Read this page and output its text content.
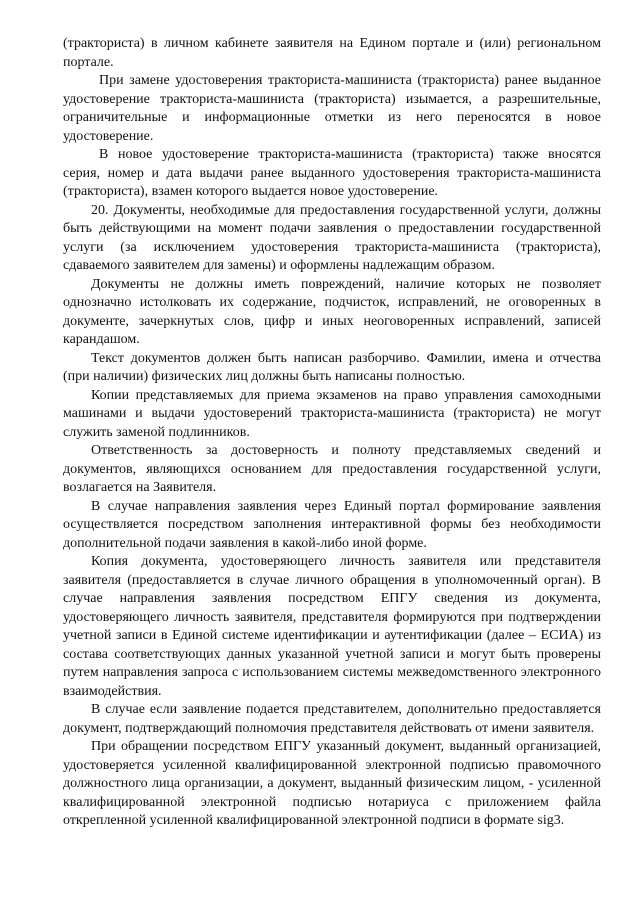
(тракториста) в личном кабинете заявителя на Едином портале и (или) региональном портале.

При замене удостоверения тракториста-машиниста (тракториста) ранее выданное удостоверение тракториста-машиниста (тракториста) изымается, а разрешительные, ограничительные и информационные отметки из него переносятся в новое удостоверение.

В новое удостоверение тракториста-машиниста (тракториста) также вносятся серия, номер и дата выдачи ранее выданного удостоверения тракториста-машиниста (тракториста), взамен которого выдается новое удостоверение.

20. Документы, необходимые для предоставления государственной услуги, должны быть действующими на момент подачи заявления о предоставлении государственной услуги (за исключением удостоверения тракториста-машиниста (тракториста), сдаваемого заявителем для замены) и оформлены надлежащим образом.

Документы не должны иметь повреждений, наличие которых не позволяет однозначно истолковать их содержание, подчисток, исправлений, не оговоренных в документе, зачеркнутых слов, цифр и иных неоговоренных исправлений, записей карандашом.

Текст документов должен быть написан разборчиво. Фамилии, имена и отчества (при наличии) физических лиц должны быть написаны полностью.

Копии представляемых для приема экзаменов на право управления самоходными машинами и выдачи удостоверений тракториста-машиниста (тракториста) не могут служить заменой подлинников.

Ответственность за достоверность и полноту представляемых сведений и документов, являющихся основанием для предоставления государственной услуги, возлагается на Заявителя.

В случае направления заявления через Единый портал формирование заявления осуществляется посредством заполнения интерактивной формы без необходимости дополнительной подачи заявления в какой-либо иной форме.

Копия документа, удостоверяющего личность заявителя или представителя заявителя (предоставляется в случае личного обращения в уполномоченный орган). В случае направления заявления посредством ЕПГУ сведения из документа, удостоверяющего личность заявителя, представителя формируются при подтверждении учетной записи в Единой системе идентификации и аутентификации (далее – ЕСИА) из состава соответствующих данных указанной учетной записи и могут быть проверены путем направления запроса с использованием системы межведомственного электронного взаимодействия.

В случае если заявление подается представителем, дополнительно предоставляется документ, подтверждающий полномочия представителя действовать от имени заявителя.

При обращении посредством ЕПГУ указанный документ, выданный организацией, удостоверяется усиленной квалифицированной электронной подписью правомочного должностного лица организации, а документ, выданный физическим лицом, - усиленной квалифицированной электронной подписью нотариуса с приложением файла открепленной усиленной квалифицированной электронной подписи в формате sig3.
